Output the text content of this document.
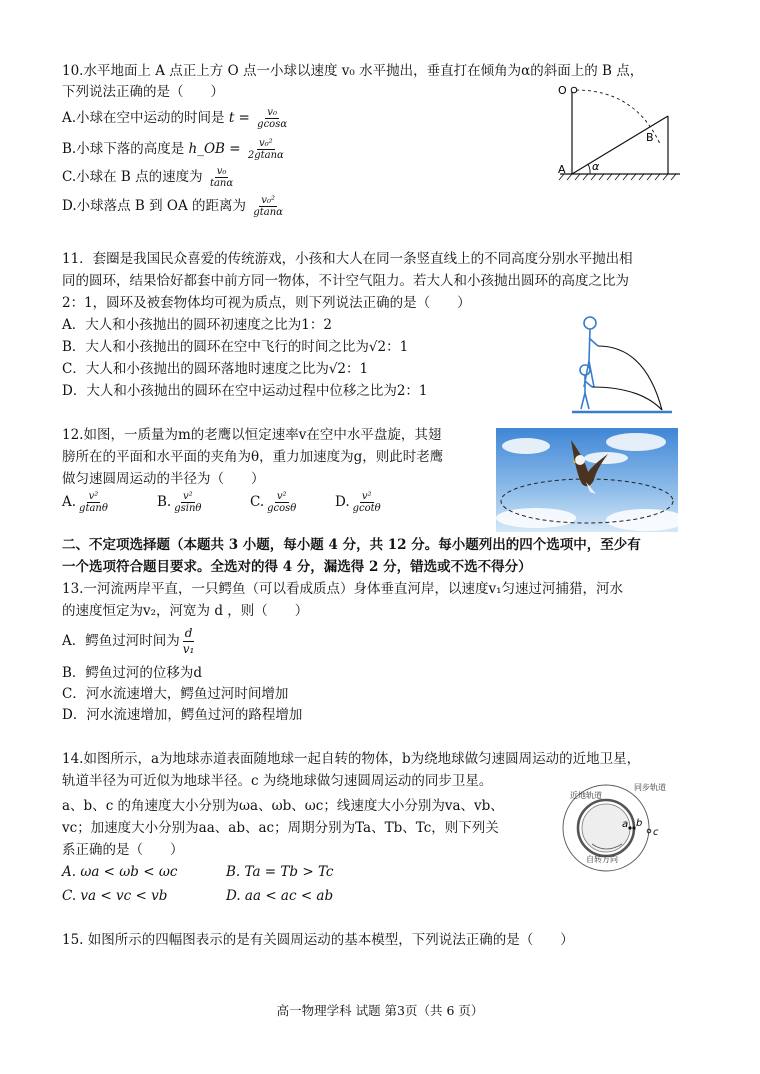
10.水平地面上 A 点正上方 O 点一小球以速度 v₀ 水平抛出，垂直打在倾角为α的斜面上的 B 点，
下列说法正确的是（　　）
A.小球在空中运动的时间是 $t = \frac{\text{v₀}}{gcos\alpha}$
B.小球下落的高度是 h_OB = $\frac{\text{v₀²}}{2gtan\alpha}$
C.小球在 B 点的速度为 $\frac{\text{v₀}}{\tan\alpha}$
D.小球落点 B 到 OA 的距离为 $\frac{\text{v₀²}}{gtan\alpha}$
O
A
B
α
11．套圈是我国民众喜爱的传统游戏，小孩和大人在同一条竖直线上的不同高度分别水平抛出相
同的圆环，结果恰好都套中前方同一物体，不计空气阻力。若大人和小孩抛出圆环的高度之比为
2：1，圆环及被套物体均可视为质点，则下列说法正确的是（　　）
A．大人和小孩抛出的圆环初速度之比为1：2
B．大人和小孩抛出的圆环在空中飞行的时间之比为√2：1
C．大人和小孩抛出的圆环落地时速度之比为√2：1
D．大人和小孩抛出的圆环在空中运动过程中位移之比为2：1
12.如图，一质量为m的老鹰以恒定速率v在空中水平盘旋，其翅
膀所在的平面和水平面的夹角为θ，重力加速度为g，则此时老鹰
做匀速圆周运动的半径为（　　）
A. $\frac{\text{v²}}{gtan\theta}$	B. $\frac{\text{v²}}{gsin\theta}$	C. $\frac{\text{v²}}{gcos\theta}$	D. $\frac{\text{v²}}{gcot\theta}$
二、不定项选择题（本题共 3 小题，每小题 4 分，共 12 分。每小题列出的四个选项中，至少有
一个选项符合题目要求。全选对的得 4 分，漏选得 2 分，错选或不选不得分）
13.一河流两岸平直，一只鳄鱼（可以看成质点）身体垂直河岸，以速度v₁匀速过河捕猎，河水
的速度恒定为v₂，河宽为 d ，则（　　）
A．鳄鱼过河时间为 $\frac{d}{\text{v₁}}$
B．鳄鱼过河的位移为d
C．河水流速增大，鳄鱼过河时间增加
D．河水流速增加，鳄鱼过河的路程增加
14.如图所示，a为地球赤道表面随地球一起自转的物体，b为绕地球做匀速圆周运动的近地卫星，
轨道半径为可近似为地球半径。c 为绕地球做匀速圆周运动的同步卫星。
a、b、c 的角速度大小分别为ωa、ωb、ωc；线速度大小分别为va、vb、
vc；加速度大小分别为aa、ab、ac；周期分别为Ta、Tb、Tc，则下列关
系正确的是（　　）
A. ωa < ωb < ωc	B. Ta = Tb > Tc
C. va < vc < vb	D. aa < ac < ab
近地轨道
同步轨道
自转方向
a b
c
15. 如图所示的四幅图表示的是有关圆周运动的基本模型，下列说法正确的是（　　）
高一物理学科 试题 第3页（共 6 页）
